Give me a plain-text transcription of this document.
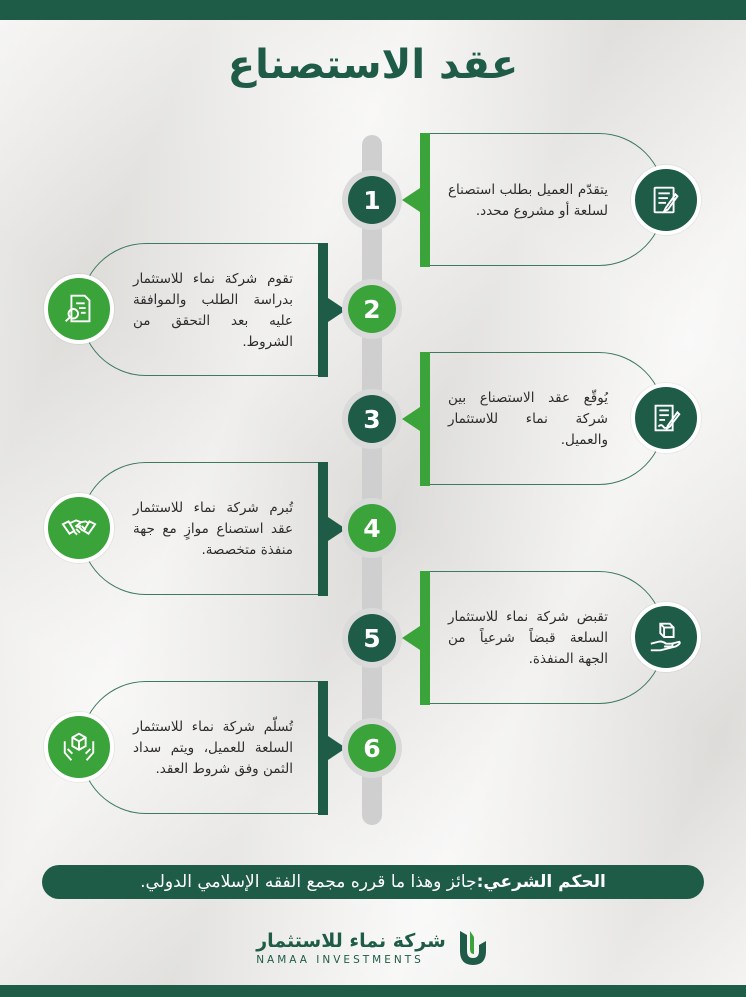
عقد الاستصناع
يتقدّم العميل بطلب استصناع لسلعة أو مشروع محدد.
1
تقوم شركة نماء للاستثمار بدراسة الطلب والموافقة عليه بعد التحقق من الشروط.
2
يُوقّع عقد الاستصناع بين شركة نماء للاستثمار والعميل.
3
تُبرم شركة نماء للاستثمار عقد استصناع موازٍ مع جهة منفذة متخصصة.
4
تقبض شركة نماء للاستثمار السلعة قبضاً شرعياً من الجهة المنفذة.
5
تُسلّم شركة نماء للاستثمار السلعة للعميل، ويتم سداد الثمن وفق شروط العقد.
6
الحكم الشرعي:
جائز وهذا ما قرره مجمع الفقه الإسلامي الدولي.
شركة نماء للاستثمار
NAMAA INVESTMENTS
